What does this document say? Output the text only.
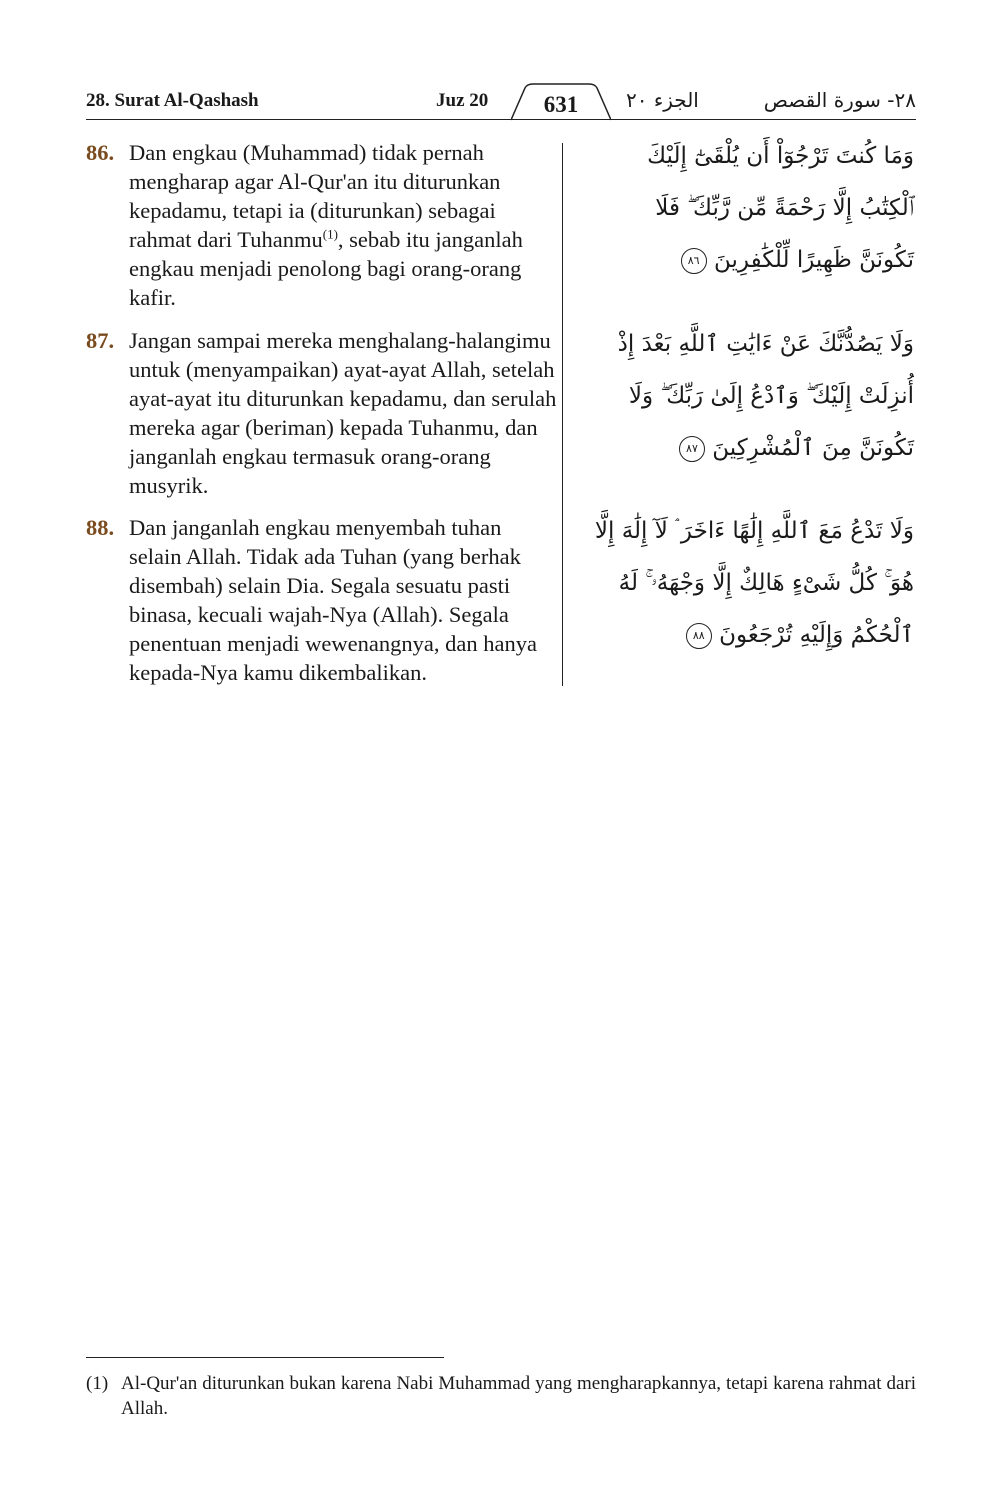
28. Surat Al-Qashash	Juz 20	631	الجزء ٢٠	٢٨- سورة القصص
86. Dan engkau (Muhammad) tidak pernah mengharap agar Al-Qur'an itu diturunkan kepadamu, tetapi ia (diturunkan) sebagai rahmat dari Tuhanmu$^{(1)}$, sebab itu janganlah engkau menjadi penolong bagi orang-orang kafir.
وَمَا كُنتَ تَرْجُوٓاْ أَن يُلْقَىٰٓ إِلَيْكَ ٱلْكِتَٰبُ إِلَّا رَحْمَةً مِّن رَّبِّكَ ۖ فَلَا تَكُونَنَّ ظَهِيرًا لِّلْكَٰفِرِينَ ٨٦
87. Jangan sampai mereka menghalang-halangimu untuk (menyampaikan) ayat-ayat Allah, setelah ayat-ayat itu diturunkan kepadamu, dan serulah mereka agar (beriman) kepada Tuhanmu, dan janganlah engkau termasuk orang-orang musyrik.
وَلَا يَصُدُّنَّكَ عَنْ ءَايَٰتِ ٱللَّهِ بَعْدَ إِذْ أُنزِلَتْ إِلَيْكَ ۖ وَٱدْعُ إِلَىٰ رَبِّكَ ۖ وَلَا تَكُونَنَّ مِنَ ٱلْمُشْرِكِينَ ٨٧
88. Dan janganlah engkau menyembah tuhan selain Allah. Tidak ada Tuhan (yang berhak disembah) selain Dia. Segala sesuatu pasti binasa, kecuali wajah-Nya (Allah). Segala penentuan menjadi wewenangnya, dan hanya kepada-Nya kamu dikembalikan.
وَلَا تَدْعُ مَعَ ٱللَّهِ إِلَٰهًا ءَاخَرَ ۘ لَآ إِلَٰهَ إِلَّا هُوَ ۚ كُلُّ شَىْءٍ هَالِكٌ إِلَّا وَجْهَهُۥ ۚ لَهُ ٱلْحُكْمُ وَإِلَيْهِ تُرْجَعُونَ ٨٨
(1) Al-Qur'an diturunkan bukan karena Nabi Muhammad yang mengharapkannya, tetapi karena rahmat dari Allah.
